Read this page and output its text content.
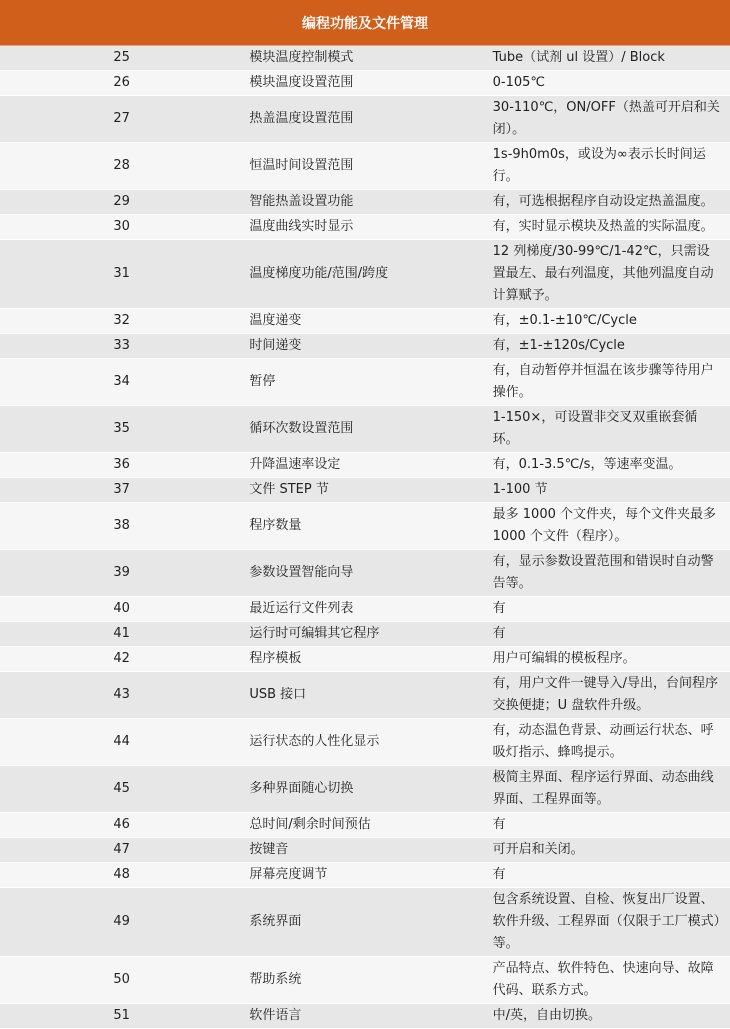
编程功能及文件管理		
25	模块温度控制模式	Tube（试剂 ul 设置）/ Block
26	模块温度设置范围	0-105℃
27	热盖温度设置范围	30-110℃，ON/OFF（热盖可开启和关闭）。
28	恒温时间设置范围	1s-9h0m0s，或设为∞表示长时间运行。
29	智能热盖设置功能	有，可选根据程序自动设定热盖温度。
30	温度曲线实时显示	有，实时显示模块及热盖的实际温度。
31	温度梯度功能/范围/跨度	12 列梯度/30-99℃/1-42℃，只需设置最左、最右列温度，其他列温度自动计算赋予。
32	温度递变	有，±0.1-±10℃/Cycle
33	时间递变	有，±1-±120s/Cycle
34	暂停	有，自动暂停并恒温在该步骤等待用户操作。
35	循环次数设置范围	1-150×，可设置非交叉双重嵌套循环。
36	升降温速率设定	有，0.1-3.5℃/s，等速率变温。
37	文件 STEP 节	1-100 节
38	程序数量	最多 1000 个文件夹，每个文件夹最多 1000 个文件（程序）。
39	参数设置智能向导	有，显示参数设置范围和错误时自动警告等。
40	最近运行文件列表	有
41	运行时可编辑其它程序	有
42	程序模板	用户可编辑的模板程序。
43	USB 接口	有，用户文件一键导入/导出，台间程序交换便捷；U 盘软件升级。
44	运行状态的人性化显示	有，动态温色背景、动画运行状态、呼吸灯指示、蜂鸣提示。
45	多种界面随心切换	极简主界面、程序运行界面、动态曲线界面、工程界面等。
46	总时间/剩余时间预估	有
47	按键音	可开启和关闭。
48	屏幕亮度调节	有
49	系统界面	包含系统设置、自检、恢复出厂设置、软件升级、工程界面（仅限于工厂模式）等。
50	帮助系统	产品特点、软件特色、快速向导、故障代码、联系方式。
51	软件语言	中/英，自由切换。
